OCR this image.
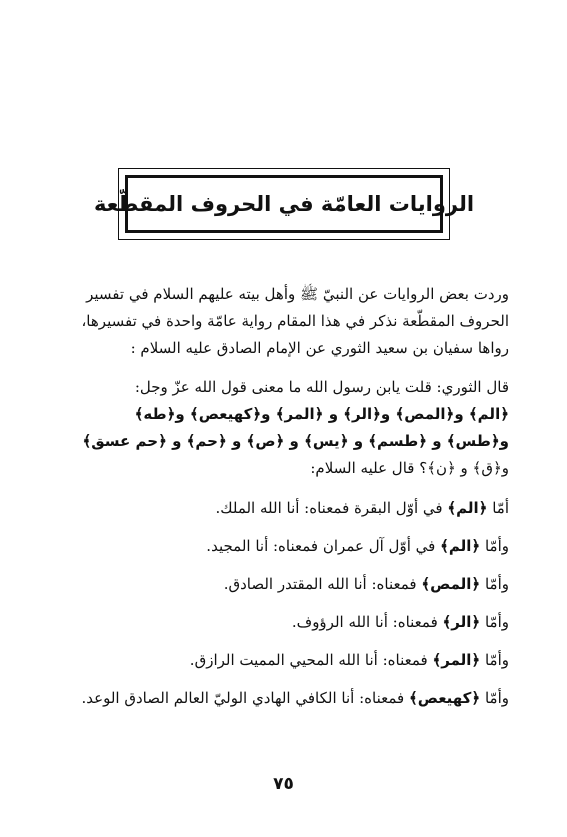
الروايات العامّة في الحروف المقطّعة
وردت بعض الروايات عن النبيّ ﷺ وأهل بيته عليهم السلام في تفسير
الحروف المقطّعة نذكر في هذا المقام رواية عامّة واحدة في تفسيرها،
رواها سفيان بن سعيد الثوري عن الإمام الصادق عليه السلام :
قال الثوري: قلت يابن رسول الله ما معنى قول الله عزّ وجل:
﴿الم﴾ و﴿المص﴾ و﴿الر﴾ و ﴿المر﴾ و﴿كهيعص﴾ و﴿طه﴾
و﴿طس﴾ و ﴿طسم﴾ و ﴿يس﴾ و ﴿ص﴾ و ﴿حم﴾ و ﴿حم عسق﴾
و﴿ق﴾ و ﴿ن﴾؟ قال عليه السلام:
أمّا ﴿الم﴾ في أوّل البقرة فمعناه: أنا الله الملك.
وأمّا ﴿الم﴾ في أوّل آل عمران فمعناه: أنا المجيد.
وأمّا ﴿المص﴾ فمعناه: أنا الله المقتدر الصادق.
وأمّا ﴿الر﴾ فمعناه: أنا الله الرؤوف.
وأمّا ﴿المر﴾ فمعناه: أنا الله المحيي المميت الرازق.
وأمّا ﴿كهيعص﴾ فمعناه: أنا الكافي الهادي الوليّ العالم الصادق الوعد.
٧٥
